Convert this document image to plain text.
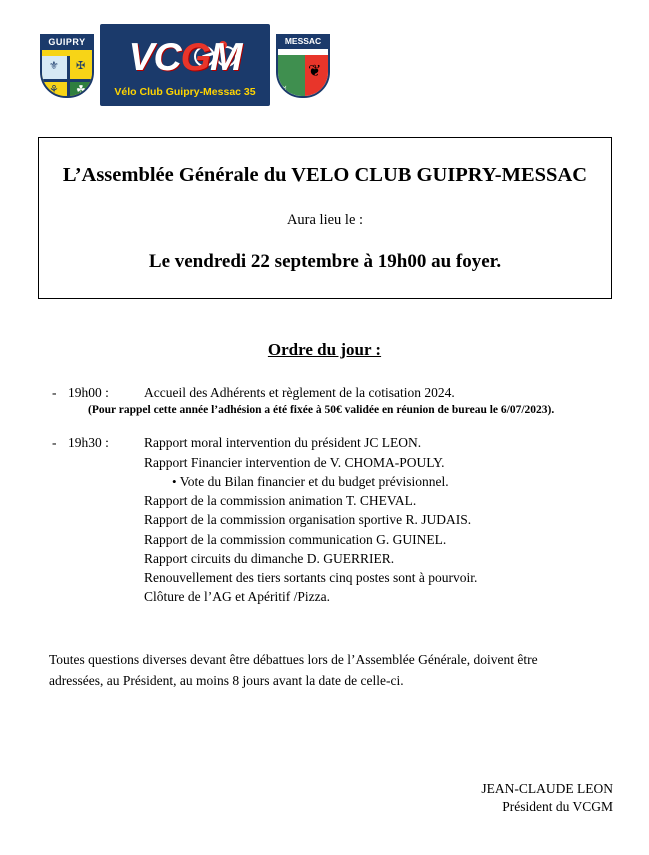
⚜ ✠
⚘ ☘
GUIPRY	VCGM
Vélo Club Guipry-Messac 35
❦
≈
MESSAC
L’Assemblée Générale du VELO CLUB GUIPRY-MESSAC
Aura lieu le :
Le vendredi 22 septembre à 19h00 au foyer.
Ordre du jour :
- 19h00 :	Accueil des Adhérents et règlement de la cotisation 2024.
(Pour rappel cette année l’adhésion a été fixée à 50€ validée en réunion de bureau le 6/07/2023).
- 19h30 :	Rapport moral intervention du président JC LEON.
Rapport Financier intervention de V. CHOMA-POULY.
• Vote du Bilan financier et du budget prévisionnel.
Rapport de la commission animation T. CHEVAL.
Rapport de la commission organisation sportive R. JUDAIS.
Rapport de la commission communication G. GUINEL.
Rapport circuits du dimanche D. GUERRIER.
Renouvellement des tiers sortants cinq postes sont à pourvoir.
Clôture de l’AG et Apéritif /Pizza.
Toutes questions diverses devant être débattues lors de l’Assemblée Générale, doivent être
adressées, au Président, au moins 8 jours avant la date de celle-ci.
JEAN-CLAUDE LEON
Président du VCGM
